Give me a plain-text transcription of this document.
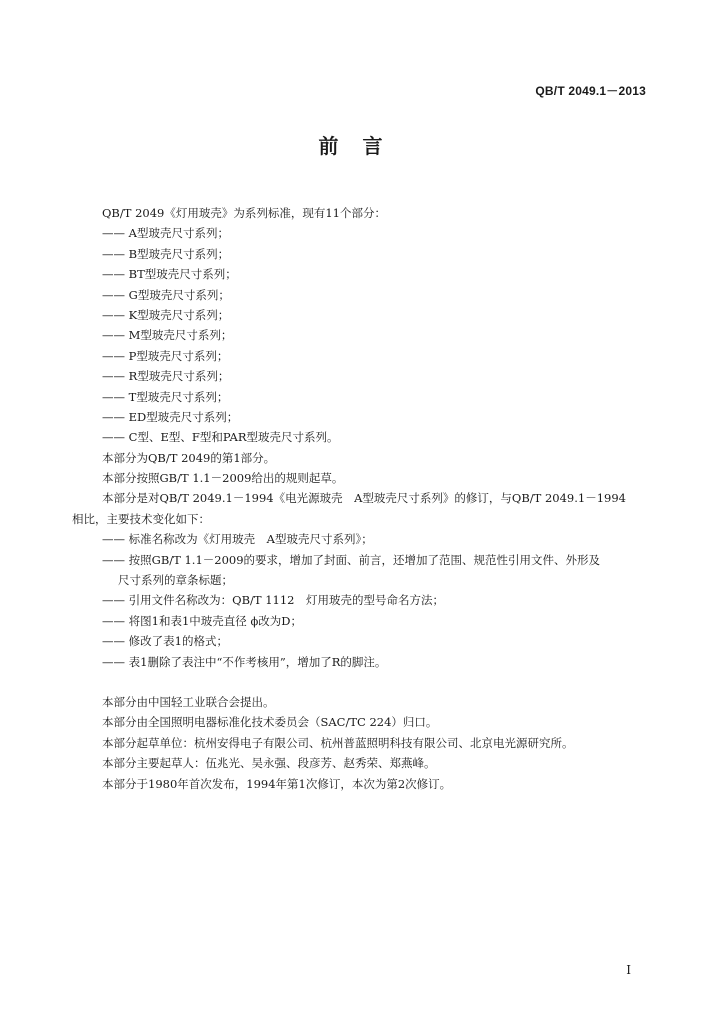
QB/T 2049.1－2013
前言
QB/T 2049《灯用玻壳》为系列标准，现有11个部分：
—— A型玻壳尺寸系列；
—— B型玻壳尺寸系列；
—— BT型玻壳尺寸系列；
—— G型玻壳尺寸系列；
—— K型玻壳尺寸系列；
—— M型玻壳尺寸系列；
—— P型玻壳尺寸系列；
—— R型玻壳尺寸系列；
—— T型玻壳尺寸系列；
—— ED型玻壳尺寸系列；
—— C型、E型、F型和PAR型玻壳尺寸系列。
本部分为QB/T 2049的第1部分。
本部分按照GB/T 1.1－2009给出的规则起草。
本部分是对QB/T 2049.1－1994《电光源玻壳　A型玻壳尺寸系列》的修订，与QB/T 2049.1－1994
相比，主要技术变化如下：
—— 标准名称改为《灯用玻壳　A型玻壳尺寸系列》；
—— 按照GB/T 1.1－2009的要求，增加了封面、前言，还增加了范围、规范性引用文件、外形及
尺寸系列的章条标题；
—— 引用文件名称改为：QB/T 1112　灯用玻壳的型号命名方法；
—— 将图1和表1中玻壳直径 ϕ改为D；
—— 修改了表1的格式；
—— 表1删除了表注中“不作考核用”，增加了R的脚注。
本部分由中国轻工业联合会提出。
本部分由全国照明电器标准化技术委员会（SAC/TC 224）归口。
本部分起草单位：杭州安得电子有限公司、杭州普蓝照明科技有限公司、北京电光源研究所。
本部分主要起草人：伍兆光、吴永强、段彦芳、赵秀荣、郑燕峰。
本部分于1980年首次发布，1994年第1次修订，本次为第2次修订。
I
